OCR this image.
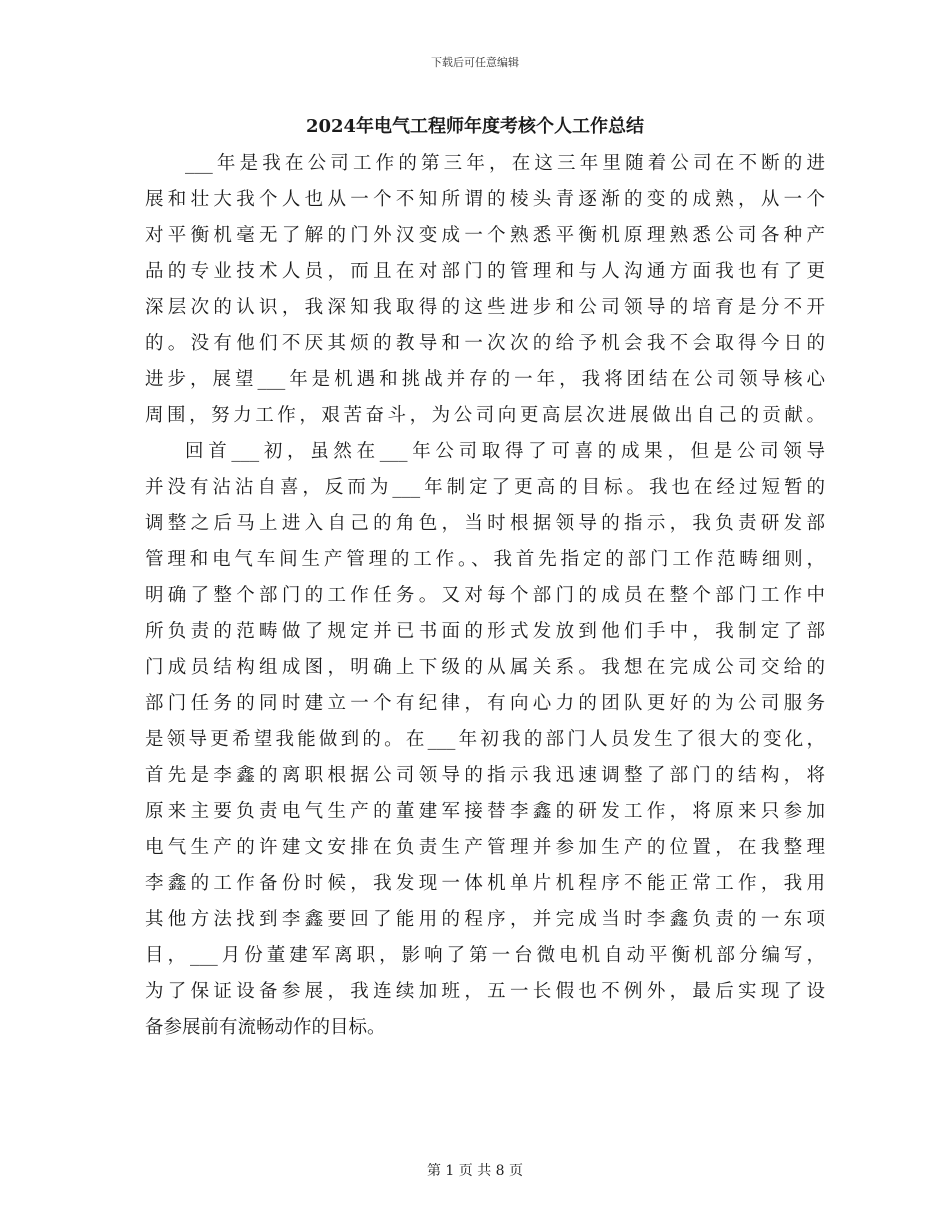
下载后可任意编辑
2024年电气工程师年度考核个人工作总结
___年是我在公司工作的第三年，在这三年里随着公司在不断的进
展和壮大我个人也从一个不知所谓的棱头青逐渐的变的成熟，从一个
对平衡机毫无了解的门外汉变成一个熟悉平衡机原理熟悉公司各种产
品的专业技术人员，而且在对部门的管理和与人沟通方面我也有了更
深层次的认识，我深知我取得的这些进步和公司领导的培育是分不开
的。没有他们不厌其烦的教导和一次次的给予机会我不会取得今日的
进步，展望___年是机遇和挑战并存的一年，我将团结在公司领导核心
周围，努力工作，艰苦奋斗，为公司向更高层次进展做出自己的贡献。
回首___初，虽然在___年公司取得了可喜的成果，但是公司领导
并没有沾沾自喜，反而为___年制定了更高的目标。我也在经过短暂的
调整之后马上进入自己的角色，当时根据领导的指示，我负责研发部
管理和电气车间生产管理的工作。、我首先指定的部门工作范畴细则，
明确了整个部门的工作任务。又对每个部门的成员在整个部门工作中
所负责的范畴做了规定并已书面的形式发放到他们手中，我制定了部
门成员结构组成图，明确上下级的从属关系。我想在完成公司交给的
部门任务的同时建立一个有纪律，有向心力的团队更好的为公司服务
是领导更希望我能做到的。在___年初我的部门人员发生了很大的变化，
首先是李鑫的离职根据公司领导的指示我迅速调整了部门的结构，将
原来主要负责电气生产的董建军接替李鑫的研发工作，将原来只参加
电气生产的许建文安排在负责生产管理并参加生产的位置，在我整理
李鑫的工作备份时候，我发现一体机单片机程序不能正常工作，我用
其他方法找到李鑫要回了能用的程序，并完成当时李鑫负责的一东项
目，___月份董建军离职，影响了第一台微电机自动平衡机部分编写，
为了保证设备参展，我连续加班，五一长假也不例外，最后实现了设
备参展前有流畅动作的目标。
第 1 页 共 8 页
